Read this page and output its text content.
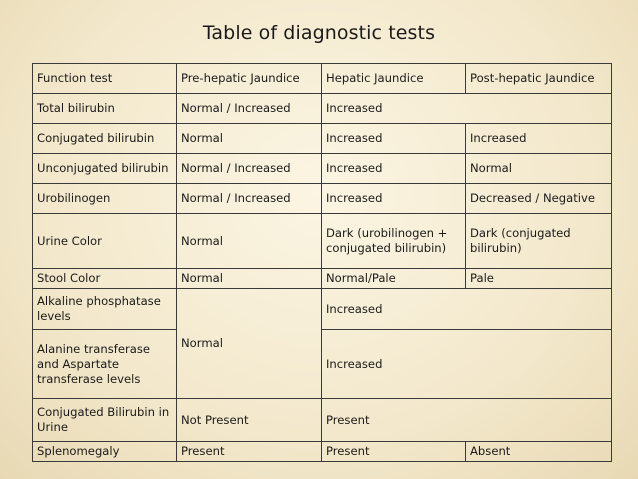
Table of diagnostic tests
Function test	Pre-hepatic Jaundice	Hepatic Jaundice	Post-hepatic Jaundice
Total bilirubin	Normal / Increased	Increased	
Conjugated bilirubin	Normal	Increased	Increased
Unconjugated bilirubin	Normal / Increased	Increased	Normal
Urobilinogen	Normal / Increased	Increased	Decreased / Negative
Urine Color	Normal	Dark (urobilinogen + conjugated bilirubin)	Dark (conjugated bilirubin)
Stool Color	Normal	Normal/Pale	Pale
Alkaline phosphatase levels	Normal	Increased	
Alanine transferase and Aspartate transferase levels		Increased	
Conjugated Bilirubin in Urine	Not Present	Present	
Splenomegaly	Present	Present	Absent
